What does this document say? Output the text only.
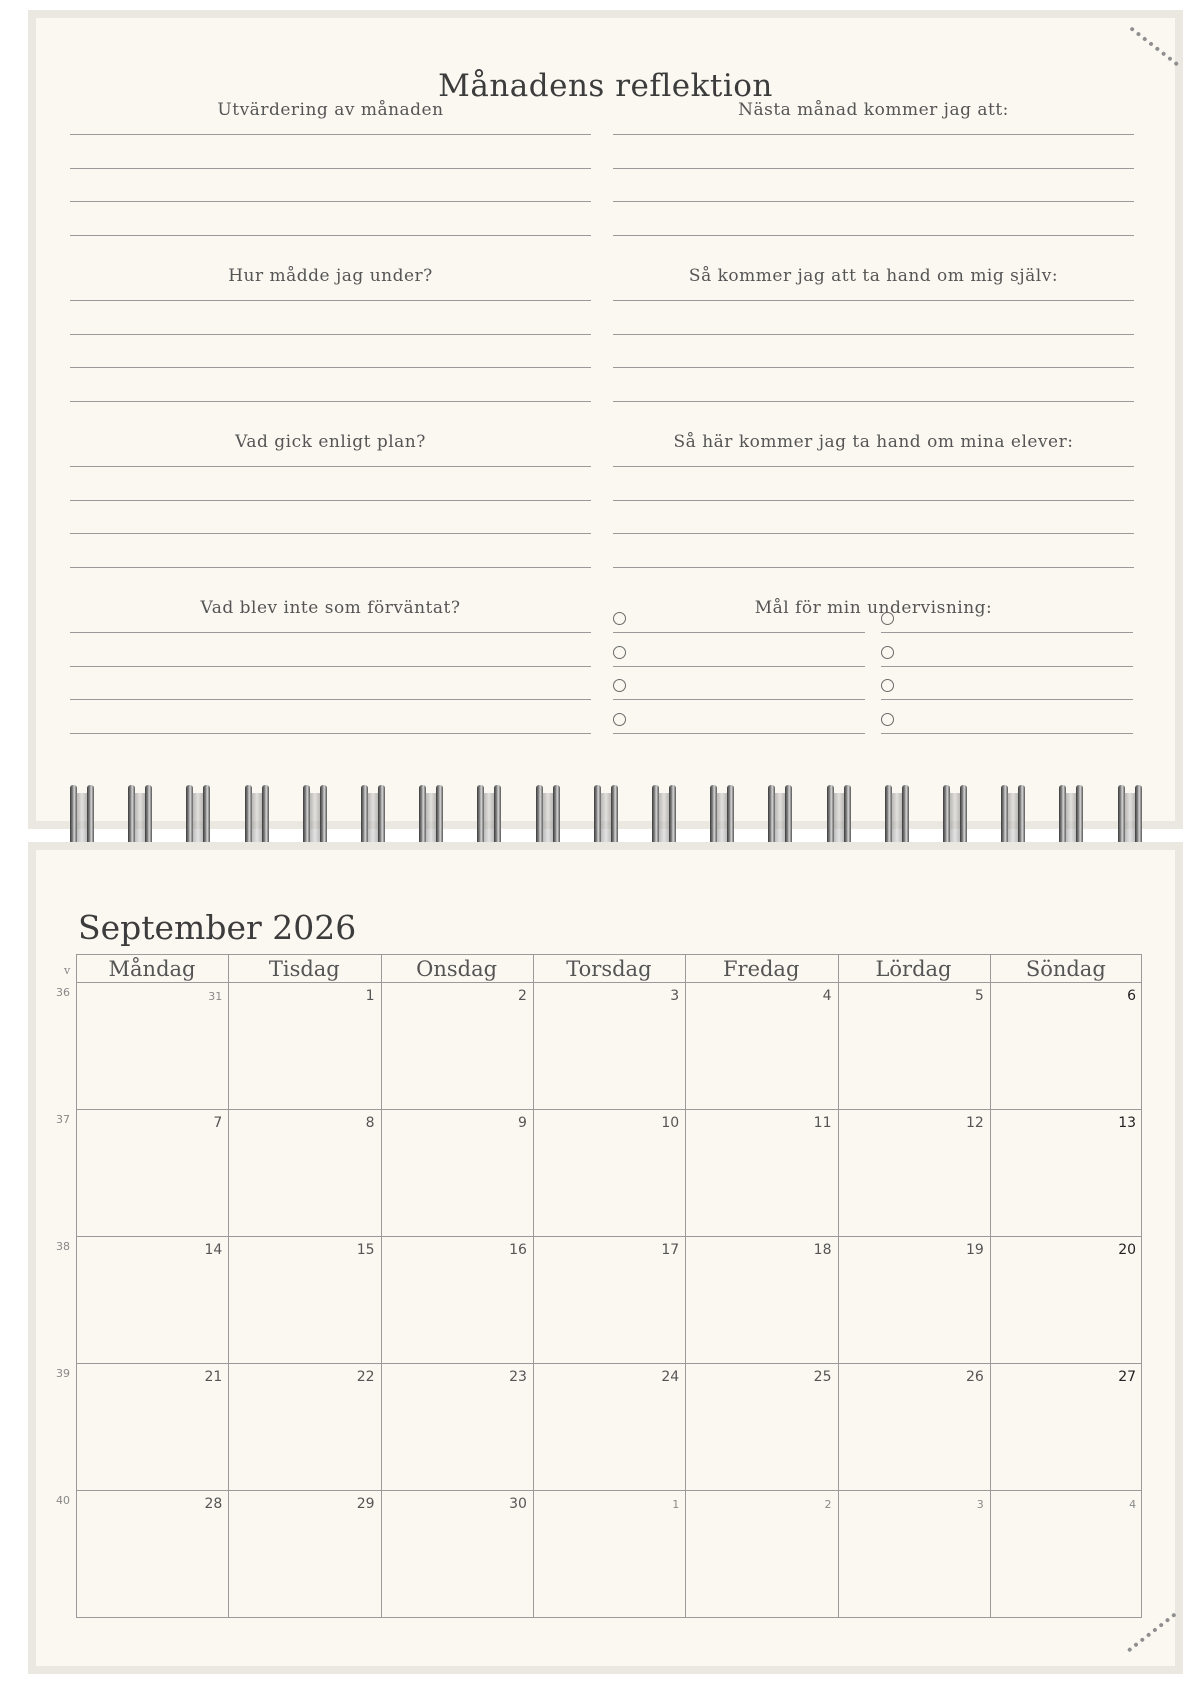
Månadens reflektion
Utvärdering av månaden
Hur mådde jag under?
Vad gick enligt plan?
Vad blev inte som förväntat?
Nästa månad kommer jag att:
Så kommer jag att ta hand om mig själv:
Så här kommer jag ta hand om mina elever:
Mål för min undervisning:
September 2026
v	Måndag	Tisdag	Onsdag	Torsdag	Fredag	Lördag	Söndag
36	31	1	2	3	4	5	6
37	7	8	9	10	11	12	13
38	14	15	16	17	18	19	20
39	21	22	23	24	25	26	27
40	28	29	30	1	2	3	4
